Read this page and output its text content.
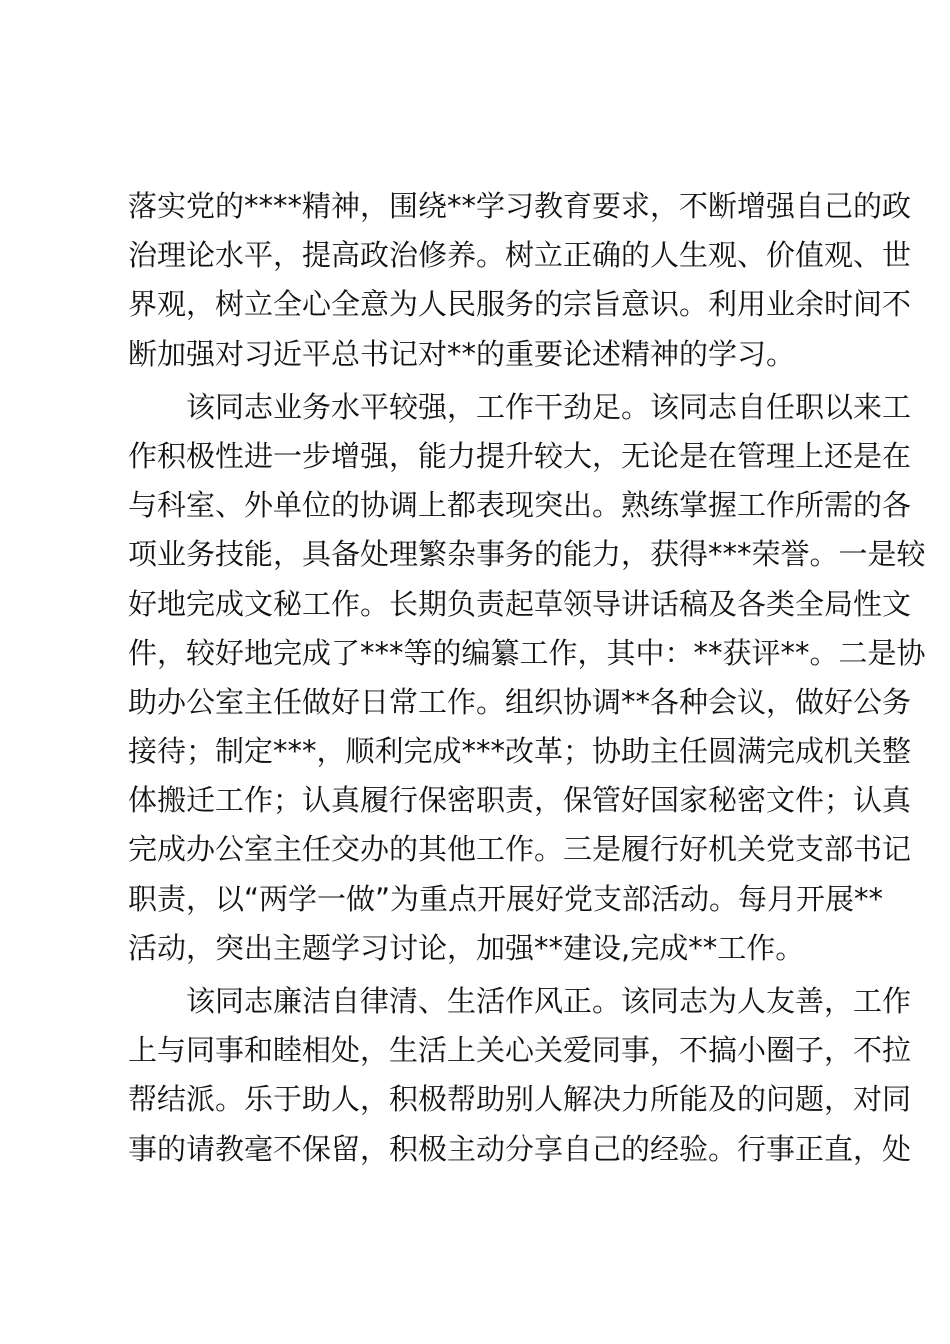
落实党的****精神，围绕**学习教育要求，不断增强自己的政
治理论水平，提高政治修养。树立正确的人生观、价值观、世
界观，树立全心全意为人民服务的宗旨意识。利用业余时间不
断加强对习近平总书记对**的重要论述精神的学习。
该同志业务水平较强，工作干劲足。该同志自任职以来工
作积极性进一步增强，能力提升较大，无论是在管理上还是在
与科室、外单位的协调上都表现突出。熟练掌握工作所需的各
项业务技能，具备处理繁杂事务的能力，获得***荣誉。一是较
好地完成文秘工作。长期负责起草领导讲话稿及各类全局性文
件，较好地完成了***等的编纂工作，其中：**获评**。二是协
助办公室主任做好日常工作。组织协调**各种会议，做好公务
接待；制定***，顺利完成***改革；协助主任圆满完成机关整
体搬迁工作；认真履行保密职责，保管好国家秘密文件；认真
完成办公室主任交办的其他工作。三是履行好机关党支部书记
职责，以“两学一做”为重点开展好党支部活动。每月开展**
活动，突出主题学习讨论，加强**建设,完成**工作。
该同志廉洁自律清、生活作风正。该同志为人友善，工作
上与同事和睦相处，生活上关心关爱同事，不搞小圈子，不拉
帮结派。乐于助人，积极帮助别人解决力所能及的问题，对同
事的请教毫不保留，积极主动分享自己的经验。行事正直，处
